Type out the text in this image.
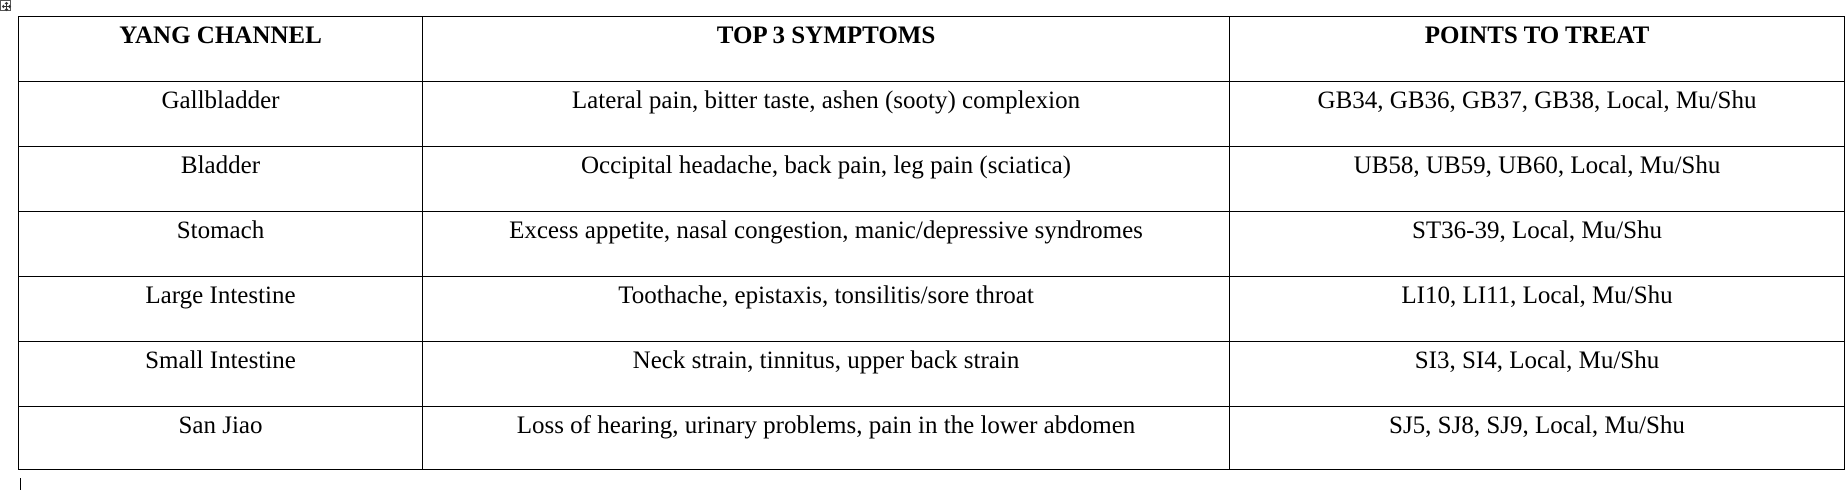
YANG CHANNEL	TOP 3 SYMPTOMS	POINTS TO TREAT
Gallbladder	Lateral pain, bitter taste, ashen (sooty) complexion	GB34, GB36, GB37, GB38, Local, Mu/Shu
Bladder	Occipital headache, back pain, leg pain (sciatica)	UB58, UB59, UB60, Local, Mu/Shu
Stomach	Excess appetite, nasal congestion, manic/depressive syndromes	ST36-39, Local, Mu/Shu
Large Intestine	Toothache, epistaxis, tonsilitis/sore throat	LI10, LI11, Local, Mu/Shu
Small Intestine	Neck strain, tinnitus, upper back strain	SI3, SI4, Local, Mu/Shu
San Jiao	Loss of hearing, urinary problems, pain in the lower abdomen	SJ5, SJ8, SJ9, Local, Mu/Shu
